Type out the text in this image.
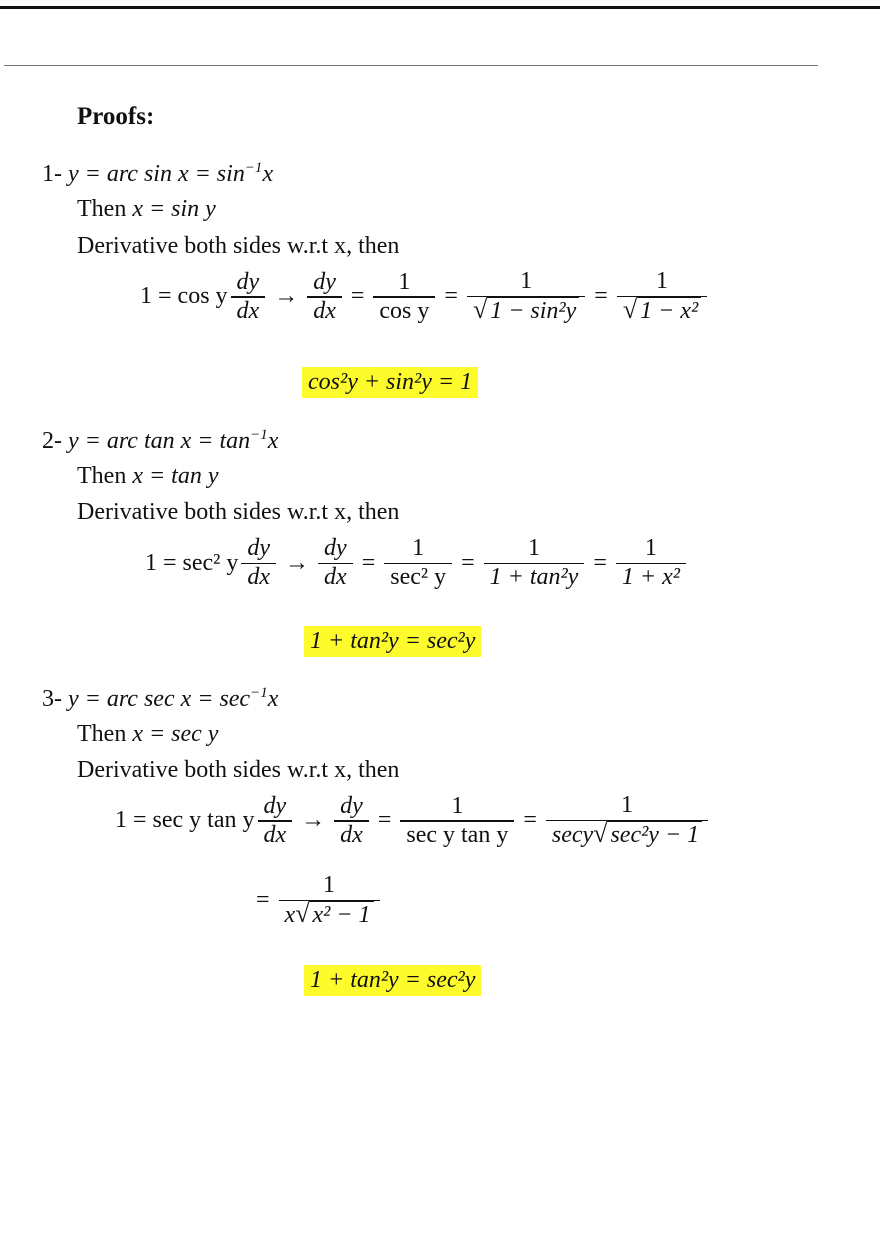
Proofs:
1- y = arc $\sin x = \sin^{-1}x$
Then x = sin y
Derivative both sides w.r.t x, then
1 = cos y $\frac{dy}{dx} \to \frac{dy}{dx} = \frac{1}{\text{cos y}} = \frac{1}{\text{√ 1 − sin²y}} = \frac{1}{\text{√ 1 − x²}}$
cos²y + sin²y = 1
2- y = arc $\tan x = \tan^{-1}x$
Then x = tan y
Derivative both sides w.r.t x, then
1 = sec² y $\frac{dy}{dx} \to \frac{dy}{dx} = \frac{1}{\text{sec² y}} = \frac{1}{\text{1 + tan²y}} = \frac{1}{\text{1 + x²}}$
1 + tan²y = sec²y
3- y = arc $\sec x = \sec^{-1}x$
Then x = sec y
Derivative both sides w.r.t x, then
1 = sec y tan y $\frac{dy}{dx} \to \frac{dy}{dx} = \frac{1}{\text{sec y tan y}} = \frac{1}{\text{secy √ sec²y − 1}}$
= $\frac{1}{\text{x √ x² − 1}}$
1 + tan²y = sec²y
